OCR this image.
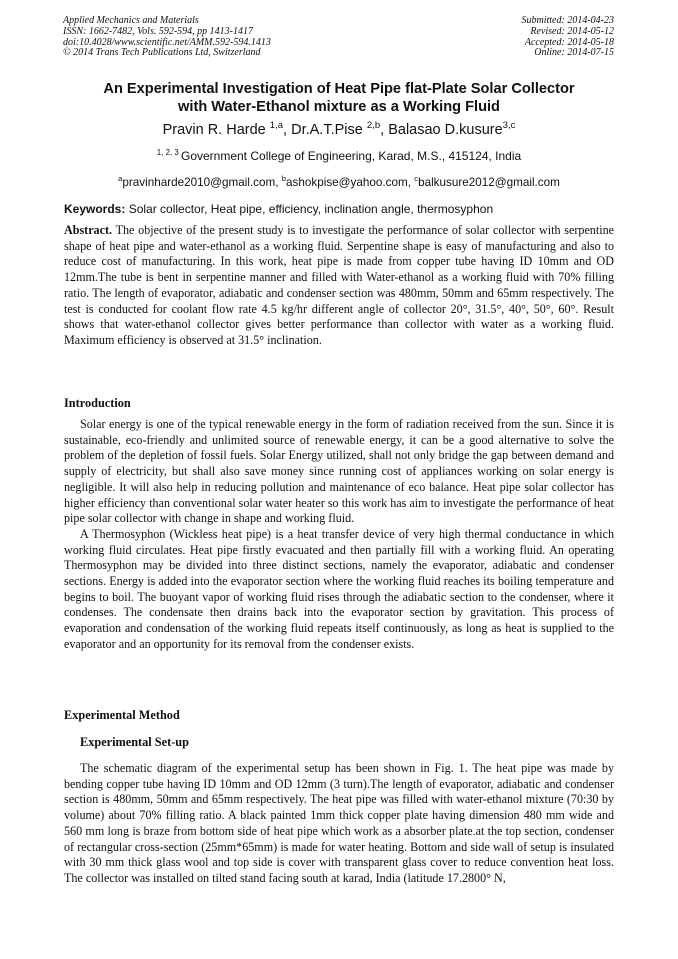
Applied Mechanics and Materials
ISSN: 1662-7482, Vols. 592-594, pp 1413-1417
doi:10.4028/www.scientific.net/AMM.592-594.1413
© 2014 Trans Tech Publications Ltd, Switzerland
Submitted: 2014-04-23
Revised: 2014-05-12
Accepted: 2014-05-18
Online: 2014-07-15
An Experimental Investigation of Heat Pipe flat-Plate Solar Collector
with Water-Ethanol mixture as a Working Fluid
Pravin R. Harde $^{1,a}$, Dr.A.T.Pise $^{2,b}$, Balasao D.kusure$^{3,c}$
$^{1, 2, 3}$ Government College of Engineering, Karad, M.S., 415124, India
$^a$pravinharde2010@gmail.com, $^b$ashokpise@yahoo.com, $^c$balkusure2012@gmail.com
Keywords: Solar collector, Heat pipe, efficiency, inclination angle, thermosyphon

Abstract. The objective of the present study is to investigate the performance of solar collector with serpentine shape of heat pipe and water-ethanol as a working fluid. Serpentine shape is easy of manufacturing and also to reduce cost of manufacturing. In this work, heat pipe is made from copper tube having ID 10mm and OD 12mm.The tube is bent in serpentine manner and filled with Water-ethanol as a working fluid with 70% filling ratio. The length of evaporator, adiabatic and condenser section was 480mm, 50mm and 65mm respectively. The test is conducted for coolant flow rate 4.5 kg/hr different angle of collector 20°, 31.5°, 40°, 50°, 60°. Result shows that water-ethanol collector gives better performance than collector with water as a working fluid. Maximum efficiency is observed at 31.5° inclination.

Introduction

Solar energy is one of the typical renewable energy in the form of radiation received from the sun. Since it is sustainable, eco-friendly and unlimited source of renewable energy, it can be a good alternative to solve the problem of the depletion of fossil fuels. Solar Energy utilized, shall not only bridge the gap between demand and supply of electricity, but shall also save money since running cost of appliances working on solar energy is negligible. It will also help in reducing pollution and maintenance of eco balance. Heat pipe solar collector has higher efficiency than conventional solar water heater so this work has aim to investigate the performance of heat pipe solar collector with change in shape and working fluid.

A Thermosyphon (Wickless heat pipe) is a heat transfer device of very high thermal conductance in which working fluid circulates. Heat pipe firstly evacuated and then partially fill with a working fluid. An operating Thermosyphon may be divided into three distinct sections, namely the evaporator, adiabatic and condenser sections. Energy is added into the evaporator section where the working fluid reaches its boiling temperature and begins to boil. The buoyant vapor of working fluid rises through the adiabatic section to the condenser, where it condenses. The condensate then drains back into the evaporator section by gravitation. This process of evaporation and condensation of the working fluid repeats itself continuously, as long as heat is supplied to the evaporator and an opportunity for its removal from the condenser exists.

Experimental Method
Experimental Set-up

The schematic diagram of the experimental setup has been shown in Fig. 1. The heat pipe was made by bending copper tube having ID 10mm and OD 12mm (3 turn).The length of evaporator, adiabatic and condenser section is 480mm, 50mm and 65mm respectively. The heat pipe was filled with water-ethanol mixture (70:30 by volume) about 70% filling ratio. A black painted 1mm thick copper plate having dimension 480 mm wide and 560 mm long is braze from bottom side of heat pipe which work as a absorber plate.at the top section, condenser of rectangular cross-section (25mm*65mm) is made for water heating. Bottom and side wall of setup is insulated with 30 mm thick glass wool and top side is cover with transparent glass cover to reduce convention heat loss. The collector was installed on tilted stand facing south at karad, India (latitude 17.2800° N,
